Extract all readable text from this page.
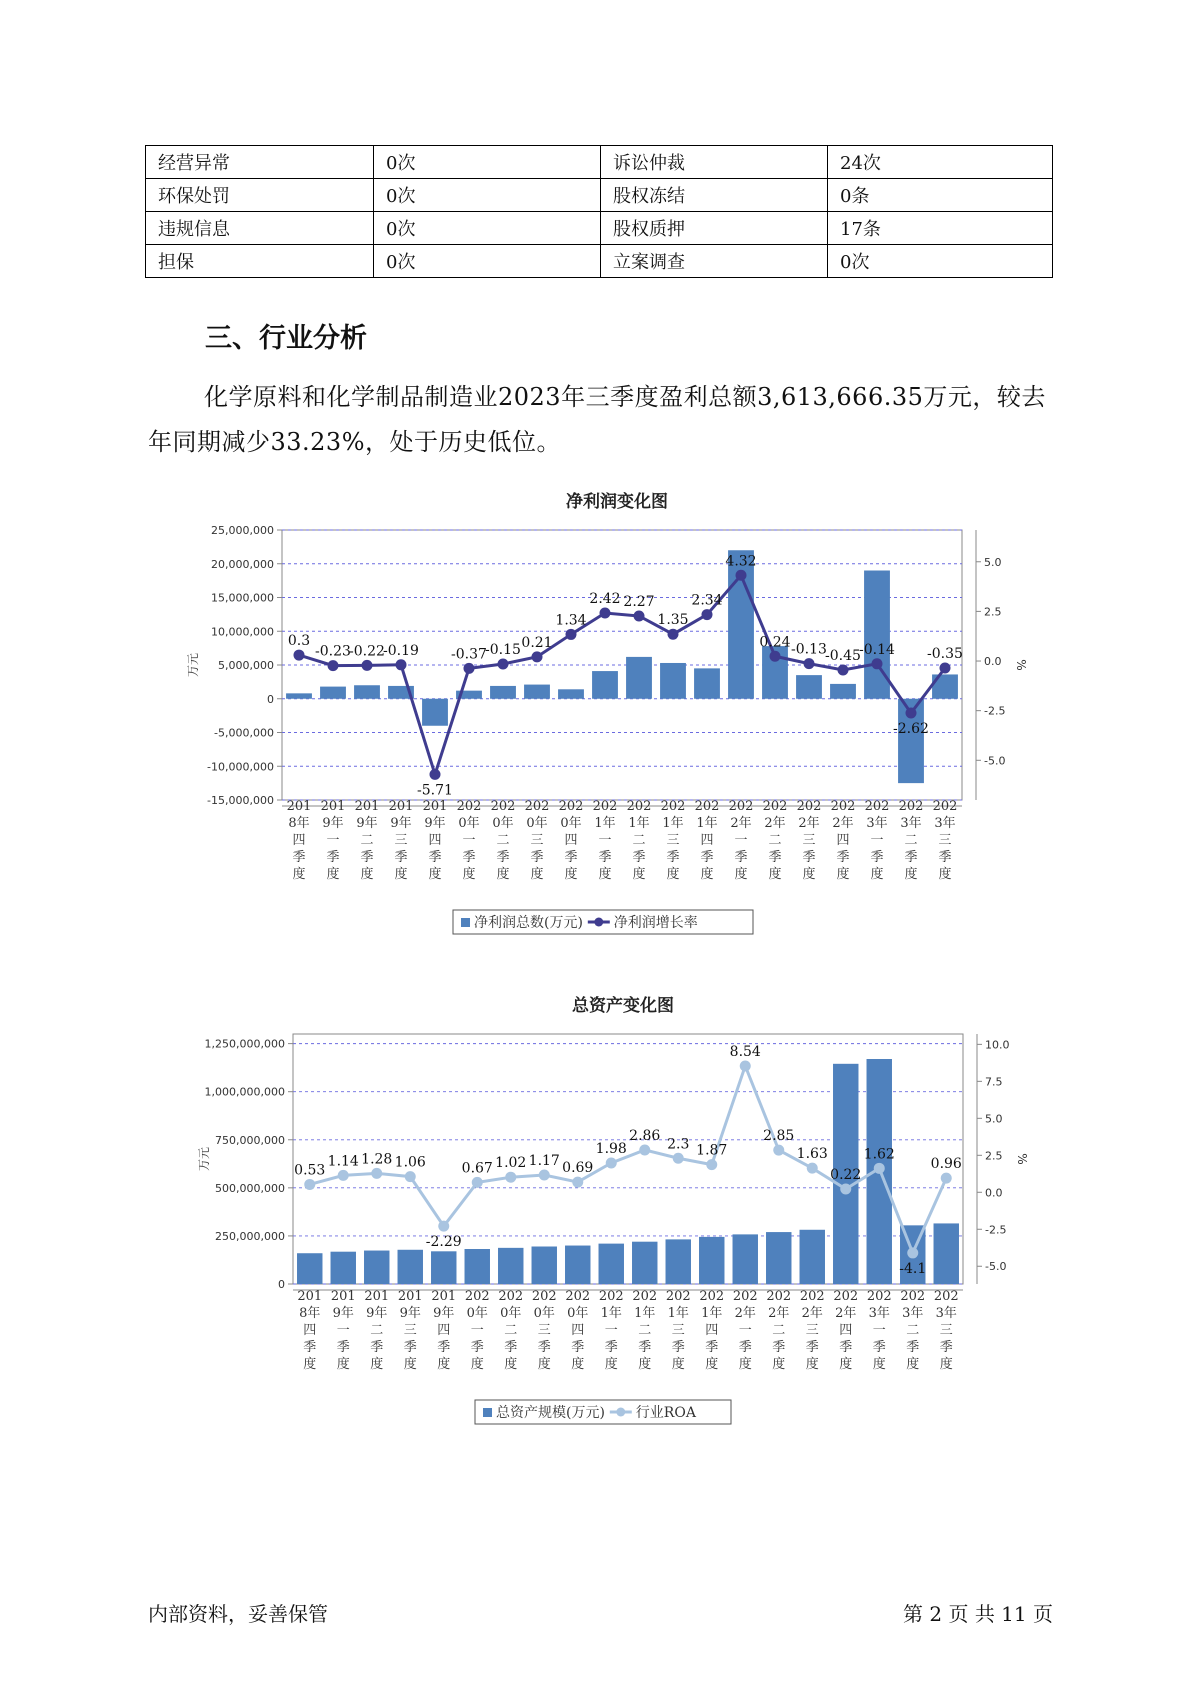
经营异常	0次	诉讼仲裁	24次
环保处罚	0次	股权冻结	0条
违规信息	0次	股权质押	17条
担保	0次	立案调查	0次
三、行业分析

化学原料和化学制品制造业2023年三季度盈利总额3,613,666.35万元，较去年同期减少33.23%，处于历史低位。

净利润变化图
25,000,000
20,000,000
15,000,000
10,000,000
5,000,000
0
-5,000,000
-10,000,000
-15,000,000
5.0
2.5
0.0
-2.5
-5.0
万元	%
0.3
-0.23
-0.22
-0.19
-5.71
-0.37
-0.15 0.21
1.34
2.42 2.27
1.35
2.34
4.32
0.24 -0.13
-0.45
-0.14
-2.62
-0.35
201
8年
四
季
度
201
9年
一
季
度
201
9年
二
季
度
201
9年
三
季
度
201
9年
四
季
度
202
0年
一
季
度
202
0年
二
季
度
202
0年
三
季
度
202
0年
四
季
度
202
1年
一
季
度
202
1年
二
季
度
202
1年
三
季
度
202
1年
四
季
度
202
2年
一
季
度
202
2年
二
季
度
202
2年
三
季
度
202
2年
四
季
度
202
3年
一
季
度
202
3年
二
季
度
202
3年
三
季
度
净利润总数(万元) 净利润增长率
总资产变化图
1,250,000,000
1,000,000,000
750,000,000
500,000,000
250,000,000
0
10.0
7.5
5.0
2.5
0.0
-2.5
-5.0
万元	%
0.53
1.14 1.28 1.06
-2.29
0.67 1.02 1.17 0.69
1.98
2.86
2.3 1.87
8.54
2.85
1.63
0.22
1.62
-4.1
0.96
201
8年
四
季
度
201
9年
一
季
度
201
9年
二
季
度
201
9年
三
季
度
201
9年
四
季
度
202
0年
一
季
度
202
0年
二
季
度
202
0年
三
季
度
202
0年
四
季
度
202
1年
一
季
度
202
1年
二
季
度
202
1年
三
季
度
202
1年
四
季
度
202
2年
一
季
度
202
2年
二
季
度
202
2年
三
季
度
202
2年
四
季
度
202
3年
一
季
度
202
3年
二
季
度
202
3年
三
季
度
总资产规模(万元) 行业ROA
内部资料，妥善保管	第 2 页 共 11 页
